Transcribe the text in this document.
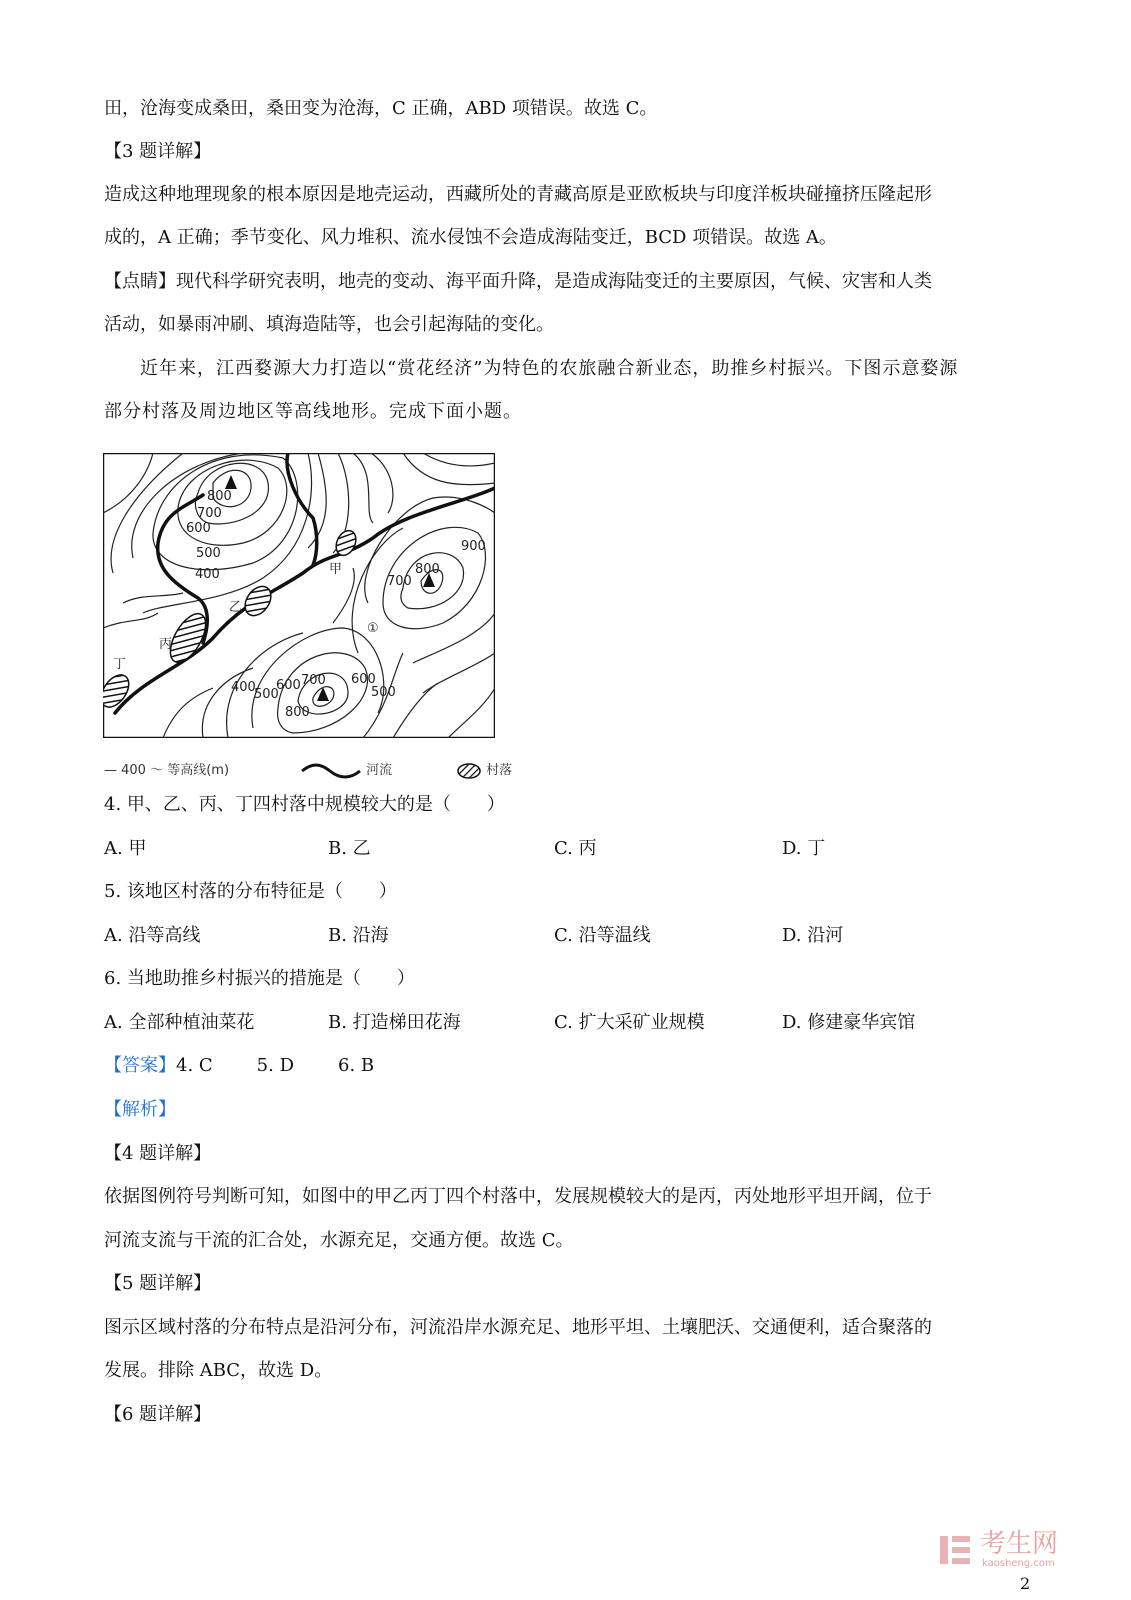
田，沧海变成桑田，桑田变为沧海，C 正确，ABD 项错误。故选 C。
【3 题详解】
造成这种地理现象的根本原因是地壳运动，西藏所处的青藏高原是亚欧板块与印度洋板块碰撞挤压隆起形
成的，A 正确；季节变化、风力堆积、流水侵蚀不会造成海陆变迁，BCD 项错误。故选 A。
【点睛】现代科学研究表明，地壳的变动、海平面升降，是造成海陆变迁的主要原因，气候、灾害和人类
活动，如暴雨冲刷、填海造陆等，也会引起海陆的变化。
近年来，江西婺源大力打造以“赏花经济”为特色的农旅融合新业态，助推乡村振兴。下图示意婺源
部分村落及周边地区等高线地形。完成下面小题。
800
700
600
500
400
900
800
700
400
500
600 700
800
600
500
甲
乙
丙
丁
①
— 400 ～ 等高线(m)	河流	村落
4. 甲、乙、丙、丁四村落中规模较大的是（　　）
A. 甲	B. 乙	C. 丙	D. 丁
5. 该地区村落的分布特征是（　　）
A. 沿等高线	B. 沿海	C. 沿等温线	D. 沿河
6. 当地助推乡村振兴的措施是（　　）
A. 全部种植油菜花	B. 打造梯田花海	C. 扩大采矿业规模	D. 修建豪华宾馆
【答案】4. C 5. D 6. B
【解析】
【4 题详解】
依据图例符号判断可知，如图中的甲乙丙丁四个村落中，发展规模较大的是丙，丙处地形平坦开阔，位于
河流支流与干流的汇合处，水源充足，交通方便。故选 C。
【5 题详解】
图示区域村落的分布特点是沿河分布，河流沿岸水源充足、地形平坦、土壤肥沃、交通便利，适合聚落的
发展。排除 ABC，故选 D。
【6 题详解】
考生网
kaosheng.com
2
